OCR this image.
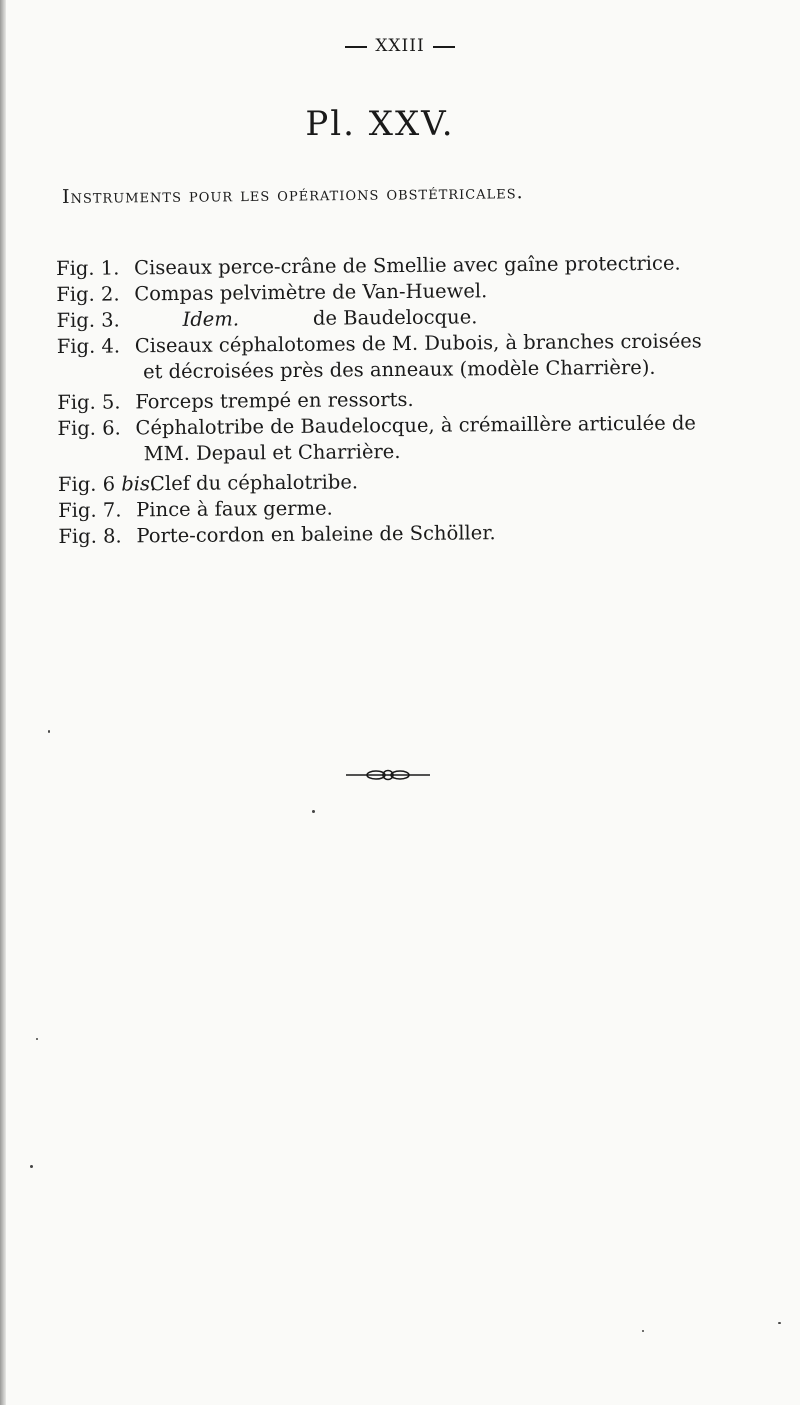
XXIII
Pl. XXV.
Instruments pour les opérations obstétricales.
Fig. 1. Ciseaux perce-crâne de Smellie avec gaîne protectrice.
Fig. 2. Compas pelvimètre de Van-Huewel.
Fig. 3.	Idem.	de Baudelocque.
Fig. 4. Ciseaux céphalotomes de M. Dubois, à branches croisées
et décroisées près des anneaux (modèle Charrière).
Fig. 5. Forceps trempé en ressorts.
Fig. 6. Céphalotribe de Baudelocque, à crémaillère articulée de
MM. Depaul et Charrière.
Fig. 6 bis.
Clef du céphalotribe.
Fig. 7. Pince à faux germe.
Fig. 8. Porte-cordon en baleine de Schöller.
